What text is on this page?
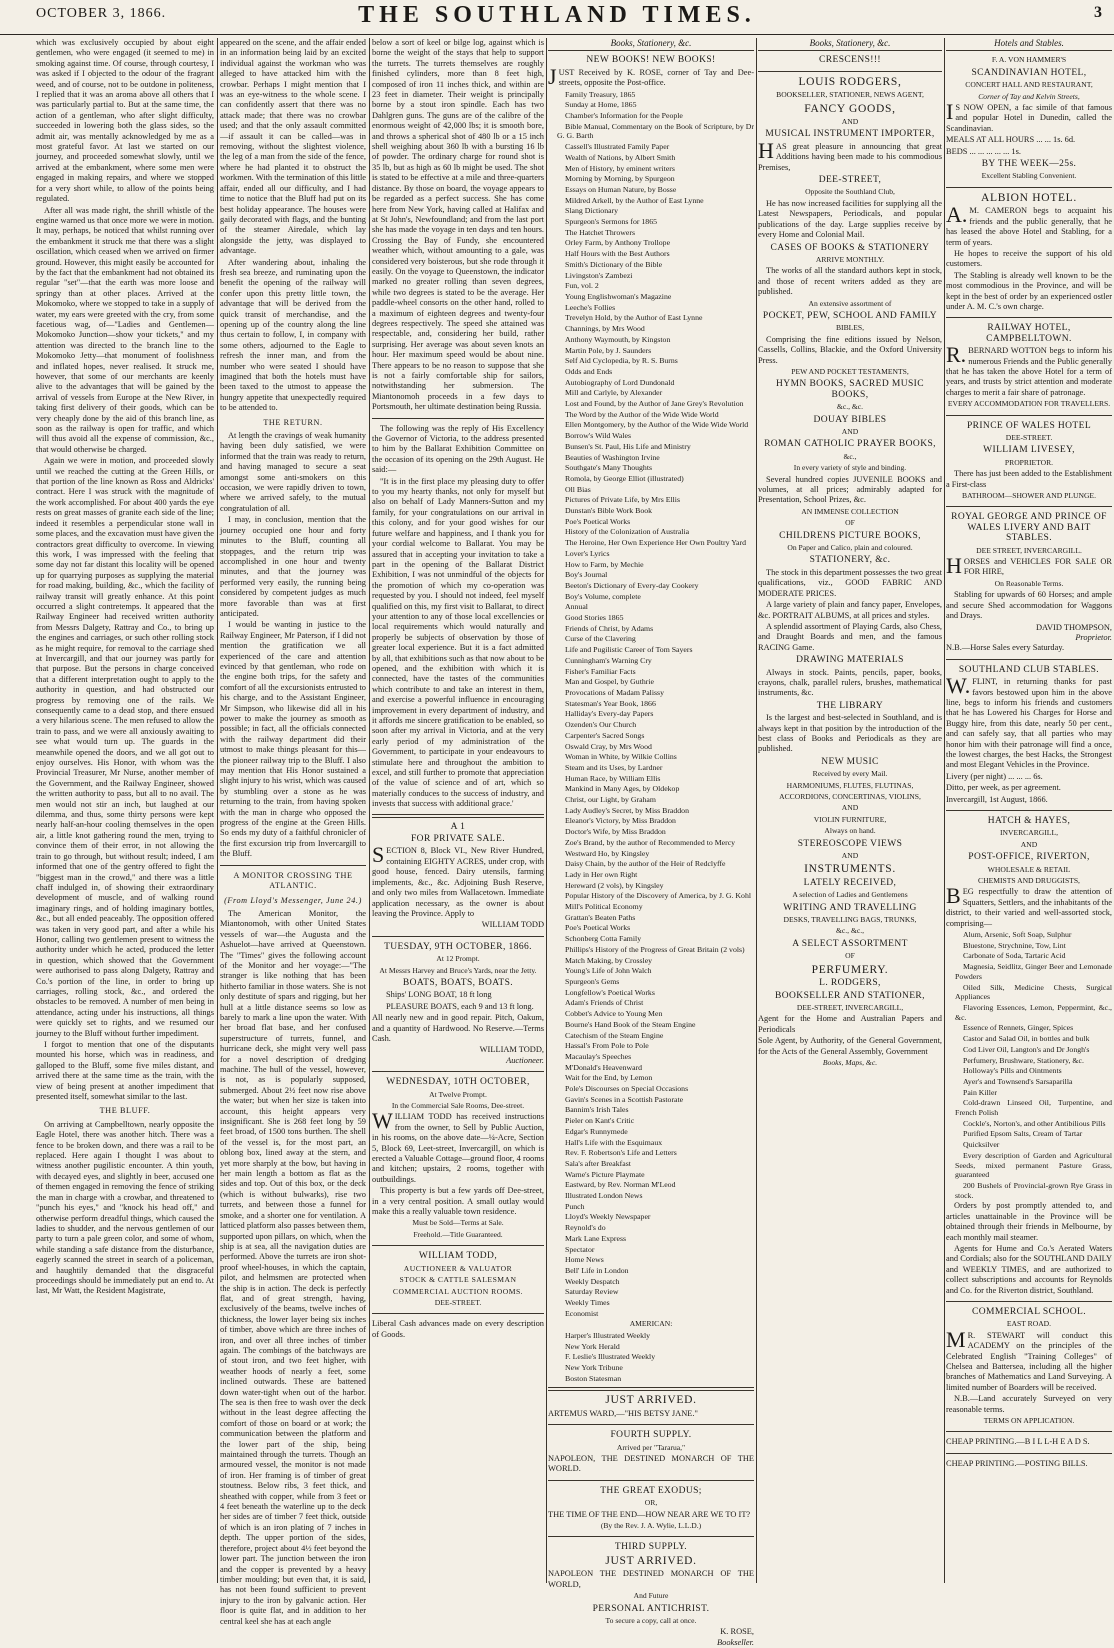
OCTOBER 3, 1866.	THE SOUTHLAND TIMES.	3

which was exclusively occupied by about eight gentlemen, who were engaged (it seemed to me) in smoking against time. Of course, through courtesy, I was asked if I objected to the odour of the fragrant weed, and of course, not to be outdone in politeness, I replied that it was an aroma above all others that I was particularly partial to. But at the same time, the action of a gentleman, who after slight difficulty, succeeded in lowering both the glass sides, so the admit air, was mentally acknowledged by me as a most grateful favor. At last we started on our journey, and proceeded somewhat slowly, until we arrived at the embankment, where some men were engaged in making repairs, and where we stopped for a very short while, to allow of the points being regulated.

After all was made right, the shrill whistle of the engine warned us that once more we were in motion. It may, perhaps, be noticed that whilst running over the embankment it struck me that there was a slight oscillation, which ceased when we arrived on firmer ground. However, this might easily be accounted for by the fact that the embankment had not obtained its regular "set"—that the earth was more loose and springy than at other places. Arrived at the Mokomoko, where we stopped to take in a supply of water, my ears were greeted with the cry, from some facetious wag, of—"Ladies and Gentlemen—Mokomoko Junction—show your tickets," and my attention was directed to the branch line to the Mokomoko Jetty—that monument of foolishness and inflated hopes, never realised. It struck me, however, that some of our merchants are keenly alive to the advantages that will be gained by the arrival of vessels from Europe at the New River, in taking first delivery of their goods, which can be very cheaply done by the aid of this branch line, as soon as the railway is open for traffic, and which will thus avoid all the expense of commission, &c., that would otherwise be charged.

Again we were in motion, and proceeded slowly until we reached the cutting at the Green Hills, or that portion of the line known as Ross and Aldricks' contract. Here I was struck with the magnitude of the work accomplished. For about 400 yards the eye rests on great masses of granite each side of the line; indeed it resembles a perpendicular stone wall in some places, and the excavation must have given the contractors great difficulty to overcome. In viewing this work, I was impressed with the feeling that some day not far distant this locality will be opened up for quarrying purposes as supplying the material for road making, building, &c., which the facility of railway transit will greatly enhance. At this point occurred a slight contretemps. It appeared that the Railway Engineer had received written authority from Messrs Dalgety, Rattray and Co., to bring up the engines and carriages, or such other rolling stock as he might require, for removal to the carriage shed at Invercargill, and that our journey was partly for that purpose. But the persons in charge conceived that a different interpretation ought to apply to the authority in question, and had obstructed our progress by removing one of the rails. We consequently came to a dead stop, and there ensued a very hilarious scene. The men refused to allow the train to pass, and we were all anxiously awaiting to see what would turn up. The guards in the meanwhile opened the doors, and we all got out to enjoy ourselves. His Honor, with whom was the Provincial Treasurer, Mr Nurse, another member of the Government, and the Railway Engineer, showed the written authority to pass, but all to no avail. The men would not stir an inch, but laughed at our dilemma, and thus, some thirty persons were kept nearly half-an-hour cooling themselves in the open air, a little knot gathering round the men, trying to convince them of their error, in not allowing the train to go through, but without result; indeed, I am informed that one of the gentry offered to fight the "biggest man in the crowd," and there was a little chaff indulged in, of showing their extraordinary development of muscle, and of walking round imaginary rings, and of holding imaginary bottles, &c., but all ended peaceably. The opposition offered was taken in very good part, and after a while his Honor, calling two gentlemen present to witness the authority under which he acted, produced the letter in question, which showed that the Government were authorised to pass along Dalgety, Rattray and Co.'s portion of the line, in order to bring up carriages, rolling stock, &c., and ordered the obstacles to be removed. A number of men being in attendance, acting under his instructions, all things were quickly set to rights, and we resumed our journey to the Bluff without further impediment.

I forgot to mention that one of the disputants mounted his horse, which was in readiness, and galloped to the Bluff, some five miles distant, and arrived there at the same time as the train, with the view of being present at another impediment that presented itself, somewhat similar to the last.

THE BLUFF.

On arriving at Campbelltown, nearly opposite the Eagle Hotel, there was another hitch. There was a fence to be broken down, and there was a rail to be replaced. Here again I thought I was about to witness another pugilistic encounter. A thin youth, with decayed eyes, and slightly in beer, accused one of themen engaged in removing the fence of striking the man in charge with a crowbar, and threatened to "punch his eyes," and "knock his head off," and otherwise perform dreadful things, which caused the ladies to shudder, and the nervous gentlemen of our party to turn a pale green color, and some of whom, while standing a safe distance from the disturbance, eagerly scanned the street in search of a policeman, and haughtily demanded that the disgraceful proceedings should be immediately put an end to. At last, Mr Watt, the Resident Magistrate,

appeared on the scene, and the affair ended in an information being laid by an excited individual against the workman who was alleged to have attacked him with the crowbar. Perhaps I might mention that I was an eye-witness to the whole scene. I can confidently assert that there was no attack made; that there was no crowbar used; and that the only assault committed—if assault it can be called—was in removing, without the slightest violence, the leg of a man from the side of the fence, where he had planted it to obstruct the workmen. With the termination of this little affair, ended all our difficulty, and I had time to notice that the Bluff had put on its best holiday appearance. The houses were gaily decorated with flags, and the bunting of the steamer Airedale, which lay alongside the jetty, was displayed to advantage.

After wandering about, inhaling the fresh sea breeze, and ruminating upon the benefit the opening of the railway will confer upon this pretty little town, the advantage that will be derived from the quick transit of merchandise, and the opening up of the country along the line thus certain to follow, I, in company with some others, adjourned to the Eagle to refresh the inner man, and from the number who were seated I should have imagined that both the hotels must have been taxed to the utmost to appease the hungry appetite that unexpectedly required to be attended to.

THE RETURN.

At length the cravings of weak humanity having been duly satisfied, we were informed that the train was ready to return, and having managed to secure a seat amongst some anti-smokers on this occasion, we were rapidly driven to town, where we arrived safely, to the mutual congratulation of all.

I may, in conclusion, mention that the journey occupied one hour and forty minutes to the Bluff, counting all stoppages, and the return trip was accomplished in one hour and twenty minutes, and that the journey was performed very easily, the running being considered by competent judges as much more favorable than was at first anticipated.

I would be wanting in justice to the Railway Engineer, Mr Paterson, if I did not mention the gratification we all experienced of the care and attention evinced by that gentleman, who rode on the engine both trips, for the safety and comfort of all the excursionists entrusted to his charge, and to the Assistant Engineer, Mr Simpson, who likewise did all in his power to make the journey as smooth as possible; in fact, all the officials connected with the railway department did their utmost to make things pleasant for this—the pioneer railway trip to the Bluff. I also may mention that His Honor sustained a slight injury to his wrist, which was caused by stumbling over a stone as he was returning to the train, from having spoken with the man in charge who opposed the progress of the engine at the Green Hills. So ends my duty of a faithful chronicler of the first excursion trip from Invercargill to the Bluff.

A MONITOR CROSSING THE ATLANTIC.
(From Lloyd's Messenger, June 24.)

The American Monitor, the Miantonomoh, with other United States vessels of war—the Augusta and the Ashuelot—have arrived at Queenstown. The "Times" gives the following account of the Monitor and her voyage:—"The stranger is like nothing that has been hitherto familiar in those waters. She is not only destitute of spars and rigging, but her hull at a little distance seems so low as barely to mark a line upon the water. With her broad flat base, and her confused superstructure of turrets, funnel, and hurricane deck, she might very well pass for a novel description of dredging machine. The hull of the vessel, however, is not, as is popularly supposed, submerged. About 2½ feet now rise above the water; but when her size is taken into account, this height appears very insignificant. She is 268 feet long by 59 feet broad, of 1500 tons burthen. The shell of the vessel is, for the most part, an oblong box, lined away at the stern, and yet more sharply at the bow, but having in her main length a bottom as flat as the sides and top. Out of this box, or the deck (which is without bulwarks), rise two turrets, and between those a funnel for smoke, and a shorter one for ventilation. A latticed platform also passes between them, supported upon pillars, on which, when the ship is at sea, all the navigation duties are performed. Above the turrets are iron shot-proof wheel-houses, in which the captain, pilot, and helmsmen are protected when the ship is in action. The deck is perfectly flat, and of great strength, having, exclusively of the beams, twelve inches of thickness, the lower layer being six inches of timber, above which are three inches of iron, and over all three inches of timber again. The combings of the batchways are of stout iron, and two feet higher, with weather hoods of nearly a feet, some inclined outwards. These are battened down water-tight when out of the harbor. The sea is then free to wash over the deck without in the least degree affecting the comfort of those on board or at work; the communication between the platform and the lower part of the ship, being maintained through the turrets. Though an armoured vessel, the monitor is not made of iron. Her framing is of timber of great stoutness. Below ribs, 3 feet thick, and sheathed with copper, while from 3 feet or 4 feet beneath the waterline up to the deck her sides are of timber 7 feet thick, outside of which is an iron plating of 7 inches in depth. The upper portion of the sides, therefore, project about 4½ feet beyond the lower part. The junction between the iron and the copper is prevented by a heavy timber moulding; but even that, it is said, has not been found sufficient to prevent injury to the iron by galvanic action. Her floor is quite flat, and in addition to her central keel she has at each angle

below a sort of keel or bilge log, against which is borne the weight of the stays that help to support the turrets. The turrets themselves are roughly finished cylinders, more than 8 feet high, composed of iron 11 inches thick, and within are 23 feet in diameter. Their weight is principally borne by a stout iron spindle. Each has two Dahlgren guns. The guns are of the calibre of the enormous weight of 42,000 lbs; it is smooth bore, and throws a spherical shot of 480 lb or a 15 inch shell weighing about 360 lb with a bursting 16 lb of powder. The ordinary charge for round shot is 35 lb, but as high as 60 lb might be used. The shot is stated to be effective at a mile and three-quarters distance. By those on board, the voyage appears to be regarded as a perfect success. She has come here from New York, having called at Halifax and at St John's, Newfoundland; and from the last port she has made the voyage in ten days and ten hours. Crossing the Bay of Fundy, she encountered weather which, without amounting to a gale, was considered very boisterous, but she rode through it easily. On the voyage to Queenstown, the indicator marked no greater rolling than seven degrees, while two degrees is stated to be the average. Her paddle-wheel consorts on the other hand, rolled to a maximum of eighteen degrees and twenty-four degrees respectively. The speed she attained was respectable, and, considering her build, rather surprising. Her average was about seven knots an hour. Her maximum speed would be about nine. There appears to be no reason to suppose that she is not a fairly comfortable ship for sailors, notwithstanding her submersion. The Miantonomoh proceeds in a few days to Portsmouth, her ultimate destination being Russia.

The following was the reply of His Excellency the Governor of Victoria, to the address presented to him by the Ballarat Exhibition Committee on the occasion of its opening on the 29th August. He said:—

"It is in the first place my pleasing duty to offer to you my hearty thanks, not only for myself but also on behalf of Lady Manners-Sutton and my family, for your congratulations on our arrival in this colony, and for your good wishes for our future welfare and happiness, and I thank you for your cordial welcome to Ballarat. You may be assured that in accepting your invitation to take a part in the opening of the Ballarat District Exhibition, I was not unmindful of the objects for the promotion of which my co-operation was requested by you. I should not indeed, feel myself qualified on this, my first visit to Ballarat, to direct your attention to any of those local excellencies or local requirements which would naturally and properly be subjects of observation by those of greater local experience. But it is a fact admitted by all, that exhibitions such as that now about to be opened, and the exhibition with which it is connected, have the tastes of the communities which contribute to and take an interest in them, and exercise a powerful influence in encouraging improvement in every department of industry, and it affords me sincere gratification to be enabled, so soon after my arrival in Victoria, and at the very early period of my administration of the Government, to participate in your endeavours to stimulate here and throughout the ambition to excel, and still further to promote that appreciation of the value of science and of art, which so materially conduces to the success of industry, and invests that success with additional grace.'

A 1
FOR PRIVATE SALE.

SECTION 8, Block VI., New River Hundred, containing EIGHTY ACRES, under crop, with good house, fenced. Dairy utensils, farming implements, &c., &c. Adjoining Bush Reserve, and only two miles from Wallacetown. Immediate application necessary, as the owner is about leaving the Province. Apply to

WILLIAM TODD
TUESDAY, 9TH OCTOBER, 1866.
At 12 Prompt.
At Messrs Harvey and Bruce's Yards, near the Jetty.
BOATS, BOATS, BOATS.

Ships' LONG BOAT, 18 ft long

PLEASURE BOATS, each 9 and 13 ft long.

All nearly new and in good repair. Pitch, Oakum, and a quantity of Hardwood. No Reserve.—Terms Cash.

WILLIAM TODD,
Auctioneer.
WEDNESDAY, 10TH OCTOBER,
At Twelve Prompt.
In the Commercial Sale Rooms, Dee-street.

WILLIAM TODD has received instructions from the owner, to Sell by Public Auction, in his rooms, on the above date—¼-Acre, Section 5, Block 69, Leet-street, Invercargill, on which is erected a Valuable Cottage—ground floor, 4 rooms and kitchen; upstairs, 2 rooms, together with outbuildings.

This property is but a few yards off Dee-street, in a very central position. A small outlay would make this a really valuable town residence.

Must be Sold—Terms at Sale.
Freehold.—Title Guaranteed.
WILLIAM TODD,
AUCTIONEER & VALUATOR
STOCK & CATTLE SALESMAN
COMMERCIAL AUCTION ROOMS.
DEE-STREET.

Liberal Cash advances made on every description of Goods.

Books, Stationery, &c.
NEW BOOKS! NEW BOOKS!

JUST Received by K. ROSE, corner of Tay and Dee-streets, opposite the Post-office.

Family Treasury, 1865

Sunday at Home, 1865

Chamber's Information for the People

Bible Manual, Commentary on the Book of Scripture, by Dr G. G. Barth

Cassell's Illustrated Family Paper

Wealth of Nations, by Albert Smith

Men of History, by eminent writers

Morning by Morning, by Spurgeon

Essays on Human Nature, by Bosse

Mildred Arkell, by the Author of East Lynne

Slang Dictionary

Spurgeon's Sermons for 1865

The Hatchet Throwers

Orley Farm, by Anthony Trollope

Half Hours with the Best Authors

Smith's Dictionary of the Bible

Livingston's Zambezi

Fun, vol. 2

Young Englishwoman's Magazine

Leeche's Follies

Trevelyn Hold, by the Author of East Lynne

Channings, by Mrs Wood

Anthony Waymouth, by Kingston

Martin Pole, by J. Saunders

Self Aid Cyclopedia, by R. S. Burns

Odds and Ends

Autobiography of Lord Dundonald

Mill and Carlyle, by Alexander

Lost and Found, by the Author of Jane Grey's Revolution

The Word by the Author of the Wide Wide World

Ellen Montgomery, by the Author of the Wide Wide World

Borrow's Wild Wales

Bunsen's St. Paul, His Life and Ministry

Beauties of Washington Irvine

Southgate's Many Thoughts

Romola, by George Elliot (illustrated)

Oll Bias

Pictures of Private Life, by Mrs Ellis

Dunstan's Bible Work Book

Poe's Poetical Works

History of the Colonization of Australia

The Heroine, Her Own Experience Her Own Poultry Yard

Lover's Lyrics

How to Farm, by Mechie

Boy's Journal

Beeton's Dictionary of Every-day Cookery

Boy's Volume, complete

Annual

Good Stories 1865

Friends of Christ, by Adams

Curse of the Clavering

Life and Pugilistic Career of Tom Sayers

Cunningham's Warning Cry

Fisher's Familiar Facts

Man and Gospel, by Guthrie

Provocations of Madam Palissy

Statesman's Year Book, 1866

Halliday's Every-day Papers

Ozenden's Our Church

Carpenter's Sacred Songs

Oswald Cray, by Mrs Wood

Woman in White, by Wilkie Collins

Steam and its Uses, by Lardner

Human Race, by William Ellis

Mankind in Many Ages, by Oldekop

Christ, our Light, by Graham

Lady Audley's Secret, by Miss Braddon

Eleanor's Victory, by Miss Braddon

Doctor's Wife, by Miss Braddon

Zoe's Brand, by the author of Recommended to Mercy

Westward Ho, by Kingsley

Daisy Chain, by the author of the Heir of Redclyffe

Lady in Her own Right

Hereward (2 vols), by Kingsley

Popular History of the Discovery of America, by J. G. Kohl

Mill's Political Economy

Grattan's Beaten Paths

Poe's Poetical Works

Schonberg Cotta Family

Phillips's History of the Progress of Great Britain (2 vols)

Match Making, by Crossley

Young's Life of John Walch

Spurgeon's Gems

Longfellow's Poetical Works

Adam's Friends of Christ

Cobbet's Advice to Young Men

Bourne's Hand Book of the Steam Engine

Catechism of the Steam Engine

Hassal's From Pole to Pole

Macaulay's Speeches

M'Donald's Heavenward

Wait for the End, by Lemon

Pole's Discourses on Special Occasions

Gavin's Scenes in a Scottish Pastorate

Bannim's Irish Tales

Pieler on Kant's Critic

Edgar's Runnymede

Hall's Life with the Esquimaux

Rev. F. Robertson's Life and Letters

Sala's after Breakfast

Warne's Picture Playmate

Eastward, by Rev. Norman M'Leod

Illustrated London News

Punch

Lloyd's Weekly Newspaper

Reynold's do

Mark Lane Express

Spectator

Home News

Bell' Life in London

Weekly Despatch

Saturday Review

Weekly Times

Economist

AMERICAN:

Harper's Illustrated Weekly

New York Herald

F. Leslie's Illustrated Weekly

New York Tribune

Boston Statesman

JUST ARRIVED.

ARTEMUS WARD,—"HIS BETSY JANE."

FOURTH SUPPLY.
Arrived per "Tararua,"

NAPOLEON, THE DESTINED MONARCH OF THE WORLD.

THE GREAT EXODUS;
OR,

THE TIME OF THE END—HOW NEAR ARE WE TO IT?

(By the Rev. J. A. Wylie, L.L.D.)
THIRD SUPPLY.
JUST ARRIVED.

NAPOLEON THE DESTINED MONARCH OF THE WORLD,

And Future
PERSONAL ANTICHRIST.
To secure a copy, call at once.
K. ROSE,
Bookseller.
Books, Stationery, &c.
CRESCENS!!!
LOUIS RODGERS,
BOOKSELLER, STATIONER, NEWS AGENT,
FANCY GOODS,
AND
MUSICAL INSTRUMENT IMPORTER,

HAS great pleasure in announcing that great Additions having been made to his commodious Premises,

DEE-STREET,
Opposite the Southland Club,

He has now increased facilities for supplying all the Latest Newspapers, Periodicals, and popular publications of the day. Large supplies receive by every Home and Colonial Mail.

CASES OF BOOKS & STATIONERY
ARRIVE MONTHLY.

The works of all the standard authors kept in stock, and those of recent writers added as they are published.

An extensive assortment of
POCKET, PEW, SCHOOL AND FAMILY
BIBLES,

Comprising the fine editions issued by Nelson, Cassells, Collins, Blackie, and the Oxford University Press.

PEW AND POCKET TESTAMENTS,
HYMN BOOKS, SACRED MUSIC BOOKS,
&c., &c.
DOUAY BIBLES
AND
ROMAN CATHOLIC PRAYER BOOKS,
&c.,
In every variety of style and binding.

Several hundred copies JUVENILE BOOKS and volumes, at all prices; admirably adapted for Presentation, School Prizes, &c.

AN IMMENSE COLLECTION
OF
CHILDRENS PICTURE BOOKS,
On Paper and Calico, plain and coloured.
STATIONERY, &c.

The stock in this department possesses the two great qualifications, viz., GOOD FABRIC AND MODERATE PRICES.

A large variety of plain and fancy paper, Envelopes, &c. PORTRAIT ALBUMS, at all prices and styles.

A splendid assortment of Playing Cards, also Chess, and Draught Boards and men, and the famous RACING Game.

DRAWING MATERIALS

Always in stock. Paints, pencils, paper, books, crayons, chalk, parallel rulers, brushes, mathematical instruments, &c.

THE LIBRARY

Is the largest and best-selected in Southland, and is always kept in that position by the introduction of the best class of Books and Periodicals as they are published.

NEW MUSIC
Received by every Mail.
HARMONIUMS, FLUTES, FLUTINAS,
ACCORDIONS, CONCERTINAS, VIOLINS,
AND
VIOLIN FURNITURE,
Always on hand.
STEREOSCOPE VIEWS
AND
INSTRUMENTS.
LATELY RECEIVED,
A selection of Ladies and Gentlemens
WRITING AND TRAVELLING
DESKS, TRAVELLING BAGS, TRUNKS,
&c., &c.,
A SELECT ASSORTMENT
OF
PERFUMERY.
L. RODGERS,
BOOKSELLER AND STATIONER,
DEE-STREET, INVERCARGILL,

Agent for the Home and Australian Papers and Periodicals

Sole Agent, by Authority, of the General Government, for the Acts of the General Assembly, Government

Books, Maps, &c.
Hotels and Stables.
F. A. VON HAMMER'S
SCANDINAVIAN HOTEL,
CONCERT HALL AND RESTAURANT,
Corner of Tay and Kelvin Streets,

IS NOW OPEN, a fac simile of that famous and popular Hotel in Dunedin, called the Scandinavian.

MEALS AT ALL HOURS ... ... 1s. 6d.

BEDS ... ... ... ... ... 1s.

BY THE WEEK—25s.
Excellent Stabling Convenient.
ALBION HOTEL.

A.M. CAMERON begs to acquaint his friends and the public generally, that he has leased the above Hotel and Stabling, for a term of years.

He hopes to receive the support of his old customers.

The Stabling is already well known to be the most commodious in the Province, and will be kept in the best of order by an experienced ostler under A. M. C.'s own charge.

RAILWAY HOTEL, CAMPBELLTOWN.

R.BERNARD WOTTON begs to inform his numerous Friends and the Public generally that he has taken the above Hotel for a term of years, and trusts by strict attention and moderate charges to merit a fair share of patronage.

EVERY ACCOMMODATION FOR TRAVELLERS.
PRINCE OF WALES HOTEL
DEE-STREET.
WILLIAM LIVESEY,
PROPRIETOR.

There has just been added to the Establishment a First-class

BATHROOM—SHOWER AND PLUNGE.
ROYAL GEORGE AND PRINCE OF WALES LIVERY AND BAIT STABLES.
DEE STREET, INVERCARGILL.

HORSES and VEHICLES FOR SALE OR FOR HIRE,

On Reasonable Terms.

Stabling for upwards of 60 Horses; and ample and secure Shed accommodation for Waggons and Drays.

DAVID THOMPSON,
Proprietor.

N.B.—Horse Sales every Saturday.

SOUTHLAND CLUB STABLES.

W.FLINT, in returning thanks for past favors bestowed upon him in the above line, begs to inform his friends and customers that he has Lowered his Charges for Horse and Buggy hire, from this date, nearly 50 per cent., and can safely say, that all parties who may honor him with their patronage will find a once, the lowest charges, the best Hacks, the Strongest and most Elegant Vehicles in the Province.

Livery (per night) ... ... ... 6s.

Ditto, per week, as per agreement.

Invercargill, 1st August, 1866.

HATCH & HAYES,
INVERCARGILL,
AND
POST-OFFICE, RIVERTON,
WHOLESALE & RETAIL
CHEMISTS AND DRUGGISTS,

BEG respectfully to draw the attention of Squatters, Settlers, and the inhabitants of the district, to their varied and well-assorted stock, comprising—

Alum, Arsenic, Soft Soap, Sulphur

Bluestone, Strychnine, Tow, Lint

Carbonate of Soda, Tartaric Acid

Magnesia, Seidlitz, Ginger Beer and Lemonade Powders

Oiled Silk, Medicine Chests, Surgical Appliances

Flavoring Essences, Lemon, Peppermint, &c., &c.

Essence of Rennets, Ginger, Spices

Castor and Salad Oil, in bottles and bulk

Cod Liver Oil, Langton's and Dr Jongh's

Perfumery, Brushware, Stationery, &c.

Holloway's Pills and Ointments

Ayer's and Townsend's Sarsaparilla

Pain Killer

Cold-drawn Linseed Oil, Turpentine, and French Polish

Cockle's, Norton's, and other Antibilious Pills

Purified Epsom Salts, Cream of Tartar

Quicksilver

Every description of Garden and Agricultural Seeds, mixed permanent Pasture Grass, guaranteed

200 Bushels of Provincial-grown Rye Grass in stock.

Orders by post promptly attended to, and articles unattainable in the Province will be obtained through their friends in Melbourne, by each monthly mail steamer.

Agents for Hume and Co.'s Aerated Waters and Cordials; also for the SOUTHLAND DAILY and WEEKLY TIMES, and are authorized to collect subscriptions and accounts for Reynolds and Co. for the Riverton district, Southland.

COMMERCIAL SCHOOL.
EAST ROAD.

MR. STEWART will conduct this ACADEMY on the principles of the Celebrated English "Training Colleges" of Chelsea and Battersea, including all the higher branches of Mathematics and Land Surveying. A limited number of Boarders will be received.

N.B.—Land accurately Surveyed on very reasonable terms.

TERMS ON APPLICATION.

CHEAP PRINTING.—B I L L-H E A D S.

CHEAP PRINTING.—POSTING BILLS.
